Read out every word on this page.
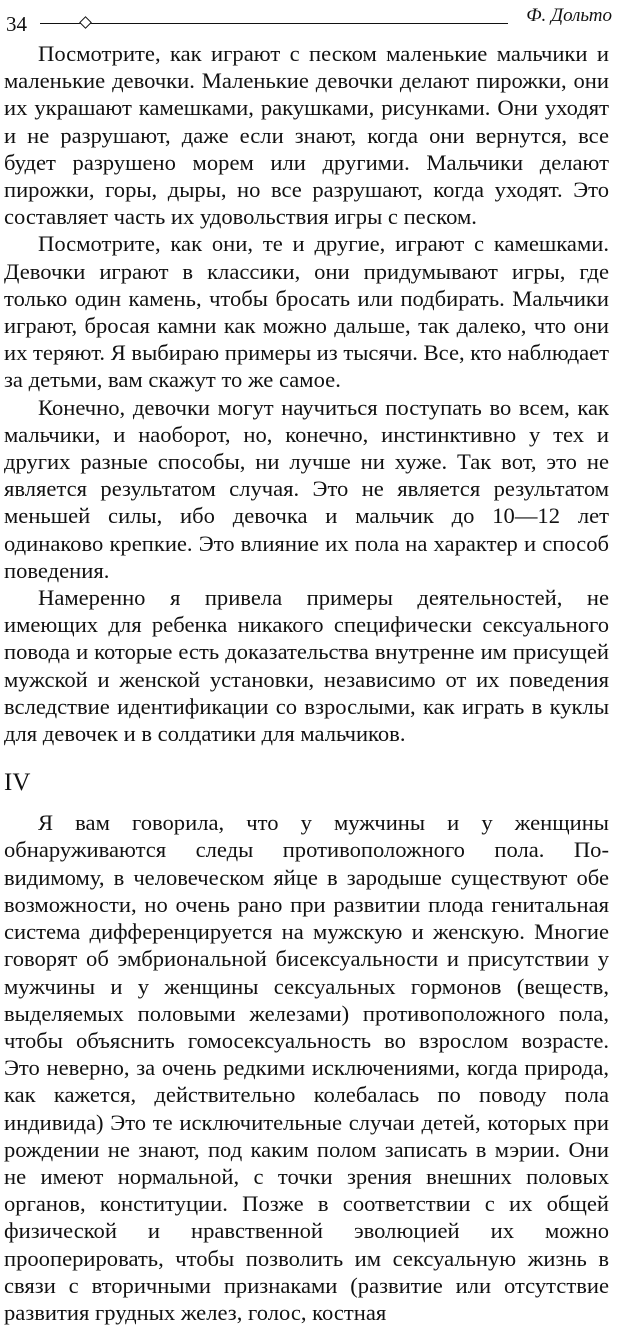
34	Ф. Дольто

Посмотрите, как играют с песком маленькие мальчики и маленькие девочки. Маленькие девочки делают пирожки, они их украшают камешками, ракушками, рисунками. Они уходят и не разрушают, даже если знают, когда они вернутся, все будет разрушено морем или другими. Мальчики делают пирожки, горы, дыры, но все разрушают, когда уходят. Это составляет часть их удовольствия игры с песком.

Посмотрите, как они, те и другие, играют с камешками. Девочки играют в классики, они придумывают игры, где только один камень, чтобы бросать или подбирать. Мальчики играют, бросая камни как можно дальше, так далеко, что они их теряют. Я выбираю примеры из тысячи. Все, кто наблюдает за детьми, вам скажут то же самое.

Конечно, девочки могут научиться поступать во всем, как мальчики, и наоборот, но, конечно, инстинктивно у тех и других разные способы, ни лучше ни хуже. Так вот, это не является результатом случая. Это не является результатом меньшей силы, ибо девочка и мальчик до 10—12 лет одинаково крепкие. Это влияние их пола на характер и способ поведения.

Намеренно я привела примеры деятельностей, не имеющих для ребенка никакого специфически сексуального повода и которые есть доказательства внутренне им присущей мужской и женской установки, независимо от их поведения вследствие идентификации со взрослыми, как играть в куклы для девочек и в солдатики для мальчиков.

IV

Я вам говорила, что у мужчины и у женщины обнаруживаются следы противоположного пола. По-видимому, в человеческом яйце в зародыше существуют обе возможности, но очень рано при развитии плода генитальная система дифференцируется на мужскую и женскую. Многие говорят об эмбриональной бисексуальности и присутствии у мужчины и у женщины сексуальных гормонов (веществ, выделяемых половыми железами) противоположного пола, чтобы объяснить гомосексуальность во взрослом возрасте. Это неверно, за очень редкими исключениями, когда природа, как кажется, действительно колебалась по поводу пола индивида) Это те исключительные случаи детей, которых при рождении не знают, под каким полом записать в мэрии. Они не имеют нормальной, с точки зрения внешних половых органов, конституции. Позже в соответствии с их общей физической и нравственной эволюцией их можно прооперировать, чтобы позволить им сексуальную жизнь в связи с вторичными признаками (развитие или отсутствие развития грудных желез, голос, костная
